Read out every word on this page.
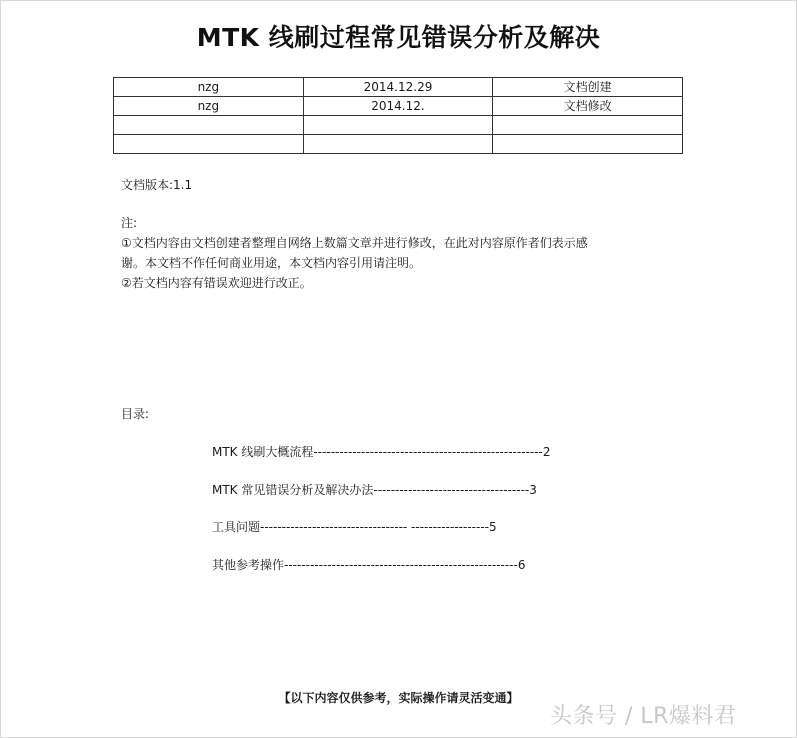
MTK 线刷过程常见错误分析及解决
nzg	2014.12.29	文档创建
nzg	2014.12.	文档修改

文档版本:1.1
注:
①文档内容由文档创建者整理自网络上数篇文章并进行修改，在此对内容原作者们表示感
谢。本文档不作任何商业用途，本文档内容引用请注明。
②若文档内容有错误欢迎进行改正。
目录:
MTK 线刷大概流程-----------------------------------------------------2
MTK 常见错误分析及解决办法------------------------------------3
工具问题---------------------------------- ------------------5
其他参考操作------------------------------------------------------6
【以下内容仅供参考，实际操作请灵活变通】
头条号 / LR爆料君
